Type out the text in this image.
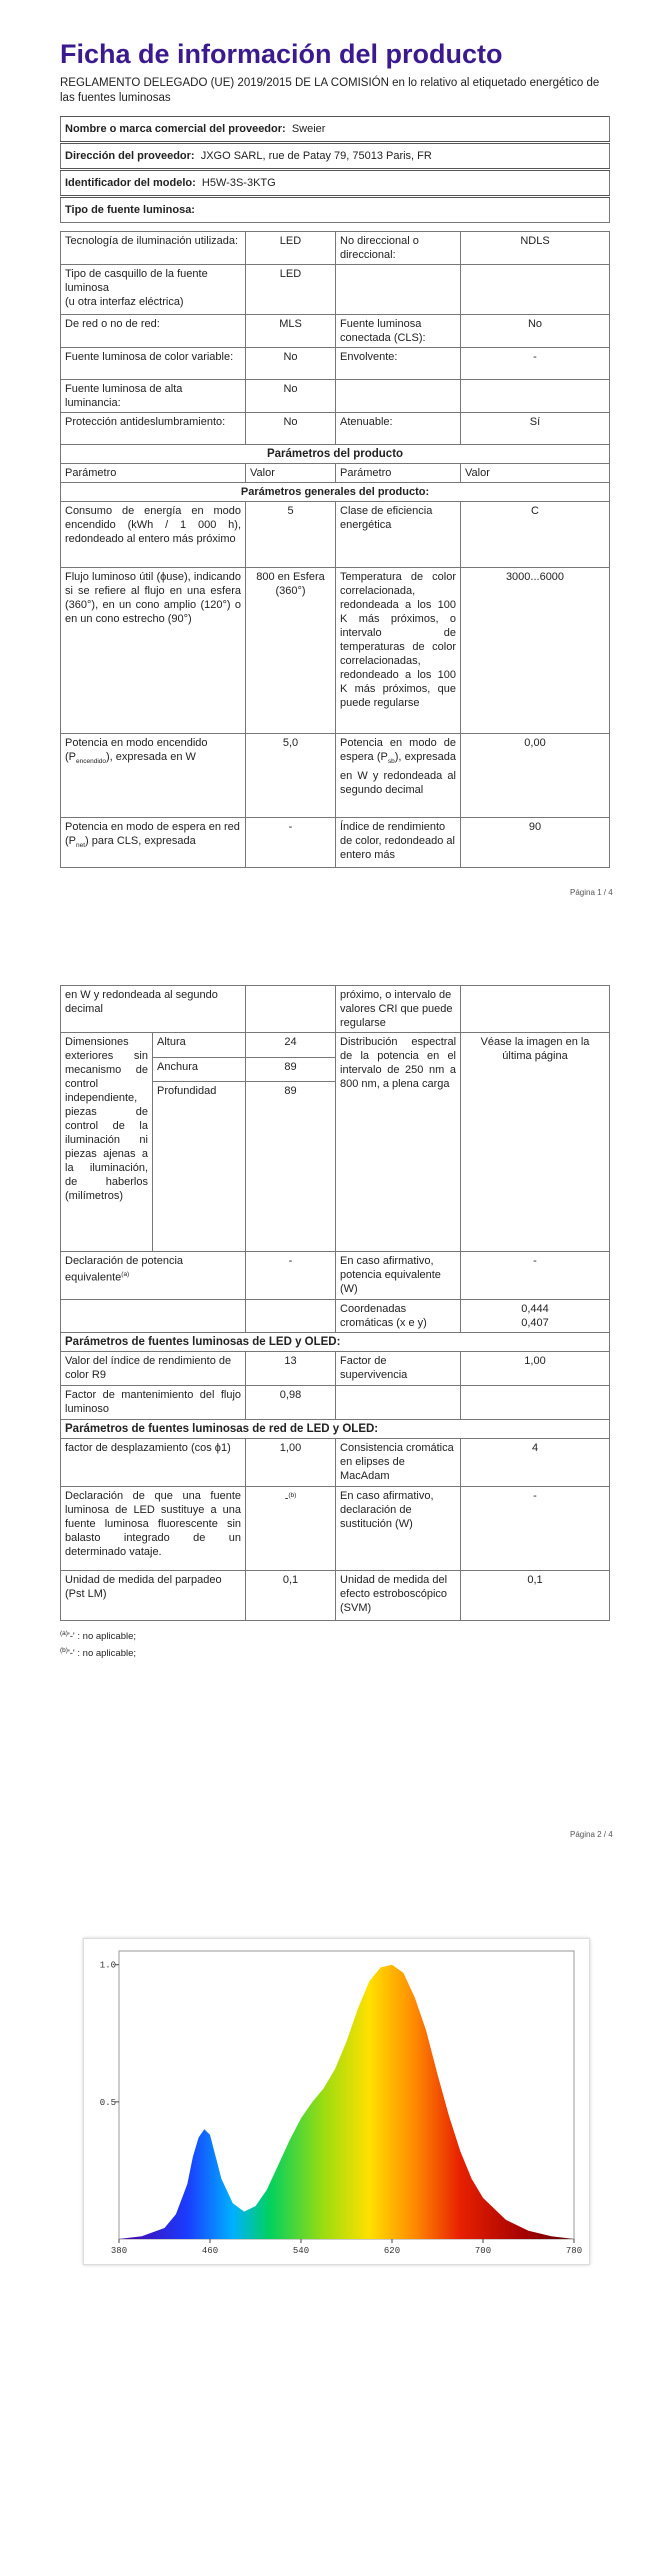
Ficha de información del producto
REGLAMENTO DELEGADO (UE) 2019/2015 DE LA COMISIÓN en lo relativo al etiquetado energético de las fuentes luminosas
Nombre o marca comercial del proveedor: Sweier			
Dirección del proveedor: JXGO SARL, rue de Patay 79, 75013 Paris, FR			
Identificador del modelo: H5W-3S-3KTG			
Tipo de fuente luminosa:			

Tecnología de iluminación utilizada:	LED	No direccional o direccional:	NDLS
Tipo de casquillo de la fuente luminosa
(u otra interfaz eléctrica)	LED		
De red o no de red:	MLS	Fuente luminosa conectada (CLS):	No
Fuente luminosa de color variable:	No	Envolvente:	-
Fuente luminosa de alta luminancia:	No		
Protección antideslumbramiento:	No	Atenuable:	Sí
Parámetros del producto			
Parámetro	Valor	Parámetro	Valor
Parámetros generales del producto:			
Consumo de energía en modo encendido (kWh / 1 000 h), redondeado al entero más próximo	5	Clase de eficiencia energética	C
Flujo luminoso útil (ϕuse), indicando si se refiere al flujo en una esfera (360°), en un cono amplio (120°) o en un cono estrecho (90°)	800 en Esfera (360°)	Temperatura de color correlacionada, redondeada a los 100 K más próximos, o intervalo de temperaturas de color correlacionadas, redondeado a los 100 K más próximos, que puede regularse	3000...6000
Potencia en modo encendido $(P_{encendido})$, expresada en W	5,0	Potencia en modo de espera $(P_{sb})$, expresada en W y redondeada al segundo decimal	0,00
Potencia en modo de espera en red $(P_{net})$ para CLS, expresada	-	Índice de rendimiento de color, redondeado al entero más	90
Página 1 / 4
en W y redondeada al segundo decimal			próximo, o intervalo de valores CRI que puede regularse	
Dimensiones exteriores sin mecanismo de control independiente, piezas de control de la iluminación ni piezas ajenas a la iluminación, de haberlos (milímetros)	Altura	24	Distribución espectral de la potencia en el intervalo de 250 nm a 800 nm, a plena carga	Véase la imagen en la última página
	Anchura	89		
	Profundidad	89		
Declaración de potencia equivalente$^{(a)}$		-	En caso afirmativo, potencia equivalente (W)	-
			Coordenadas cromáticas (x e y)	0,444
0,407
Parámetros de fuentes luminosas de LED y OLED:				
Valor del índice de rendimiento de color R9		13	Factor de supervivencia	1,00
Factor de mantenimiento del flujo luminoso		0,98		
Parámetros de fuentes luminosas de red de LED y OLED:				
factor de desplazamiento (cos ϕ1)		1,00	Consistencia cromática en elipses de MacAdam	4
Declaración de que una fuente luminosa de LED sustituye a una fuente luminosa fluorescente sin balasto integrado de un determinado vataje.		-$^{(b)}$	En caso afirmativo, declaración de sustitución (W)	-
Unidad de medida del parpadeo (Pst LM)		0,1	Unidad de medida del efecto estroboscópico (SVM)	0,1
$^{(a)}$'-' : no aplicable;
$^{(b)}$'-' : no aplicable;
Página 2 / 4
380	460	540	620	700	780
0.5
1.0
